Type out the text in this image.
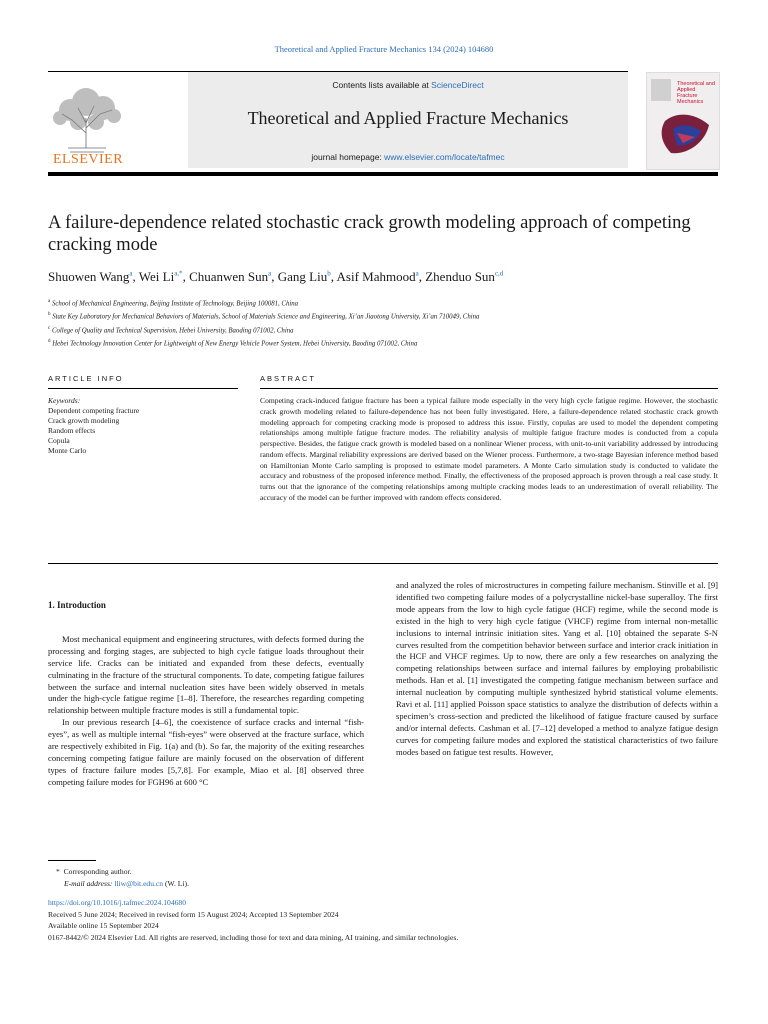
Theoretical and Applied Fracture Mechanics 134 (2024) 104680
ELSEVIER
Contents lists available at ScienceDirect
Theoretical and Applied Fracture Mechanics
journal homepage: www.elsevier.com/locate/tafmec
Theoretical and Applied Fracture Mechanics
A failure-dependence related stochastic crack growth modeling approach of competing cracking mode
Shuowen Wang$^a$, Wei $Li^{a,*}$, Chuanwen Sun$^a$, Gang Liu$^b$, Asif Mahmood$^a$, Zhenduo Sun$^{c,d}$
$^a$ School of Mechanical Engineering, Beijing Institute of Technology, Beijing 100081, China
$^b$ State Key Laboratory for Mechanical Behaviors of Materials, School of Materials Science and Engineering, Xi’an Jiaotong University, Xi’an 710049, China
$^c$ College of Quality and Technical Supervision, Hebei University, Baoding 071002, China
$^d$ Hebei Technology Innovation Center for Lightweight of New Energy Vehicle Power System, Hebei University, Baoding 071002, China
ARTICLE INFO	ABSTRACT
Keywords:
Dependent competing fracture
Crack growth modeling
Random effects
Copula
Monte Carlo
Competing crack-induced fatigue fracture has been a typical failure mode especially in the very high cycle fatigue regime. However, the stochastic crack growth modeling related to failure-dependence has not been fully investigated. Here, a failure-dependence related stochastic crack growth modeling approach for competing cracking mode is proposed to address this issue. Firstly, copulas are used to model the dependent competing relationships among multiple fatigue fracture modes. The reliability analysis of multiple fatigue fracture modes is conducted from a copula perspective. Besides, the fatigue crack growth is modeled based on a nonlinear Wiener process, with unit-to-unit variability addressed by introducing random effects. Marginal reliability expressions are derived based on the Wiener process. Furthermore, a two-stage Bayesian inference method based on Hamiltonian Monte Carlo sampling is proposed to estimate model parameters. A Monte Carlo simulation study is conducted to validate the accuracy and robustness of the proposed inference method. Finally, the effectiveness of the proposed approach is proven through a real case study. It turns out that the ignorance of the competing relationships among multiple cracking modes leads to an underestimation of overall reliability. The accuracy of the model can be further improved with random effects considered.
1. Introduction

Most mechanical equipment and engineering structures, with defects formed during the processing and forging stages, are subjected to high cycle fatigue loads throughout their service life. Cracks can be initiated and expanded from these defects, eventually culminating in the fracture of the structural components. To date, competing fatigue failures between the surface and internal nucleation sites have been widely observed in metals under the high-cycle fatigue regime [1–8]. Therefore, the researches regarding competing relationship between multiple fracture modes is still a fundamental topic.

In our previous research [4–6], the coexistence of surface cracks and internal “fish-eyes”, as well as multiple internal “fish-eyes” were observed at the fracture surface, which are respectively exhibited in Fig. 1(a) and (b). So far, the majority of the exiting researches concerning competing fatigue failure are mainly focused on the observation of different types of fracture failure modes [5,7,8]. For example, Miao et al. [8] observed three competing failure modes for FGH96 at 600 °C

and analyzed the roles of microstructures in competing failure mechanism. Stinville et al. [9] identified two competing failure modes of a polycrystalline nickel-base superalloy. The first mode appears from the low to high cycle fatigue (HCF) regime, while the second mode is existed in the high to very high cycle fatigue (VHCF) regime from internal non-metallic inclusions to internal intrinsic initiation sites. Yang et al. [10] obtained the separate S-N curves resulted from the competition behavior between surface and interior crack initiation in the HCF and VHCF regimes. Up to now, there are only a few researches on analyzing the competing relationships between surface and internal failures by employing probabilistic methods. Han et al. [1] investigated the competing fatigue mechanism between surface and internal nucleation by computing multiple synthesized hybrid statistical volume elements. Ravi et al. [11] applied Poisson space statistics to analyze the distribution of defects within a specimen’s cross-section and predicted the likelihood of fatigue fracture caused by surface and/or internal defects. Cashman et al. [7–12] developed a method to analyze fatigue design curves for competing failure modes and explored the statistical characteristics of two failure modes based on fatigue test results. However,

*  Corresponding author.
E-mail address: lliw@bit.edu.cn (W. Li).
https://doi.org/10.1016/j.tafmec.2024.104680
Received 5 June 2024; Received in revised form 15 August 2024; Accepted 13 September 2024
Available online 15 September 2024
0167-8442/© 2024 Elsevier Ltd. All rights are reserved, including those for text and data mining, AI training, and similar technologies.
